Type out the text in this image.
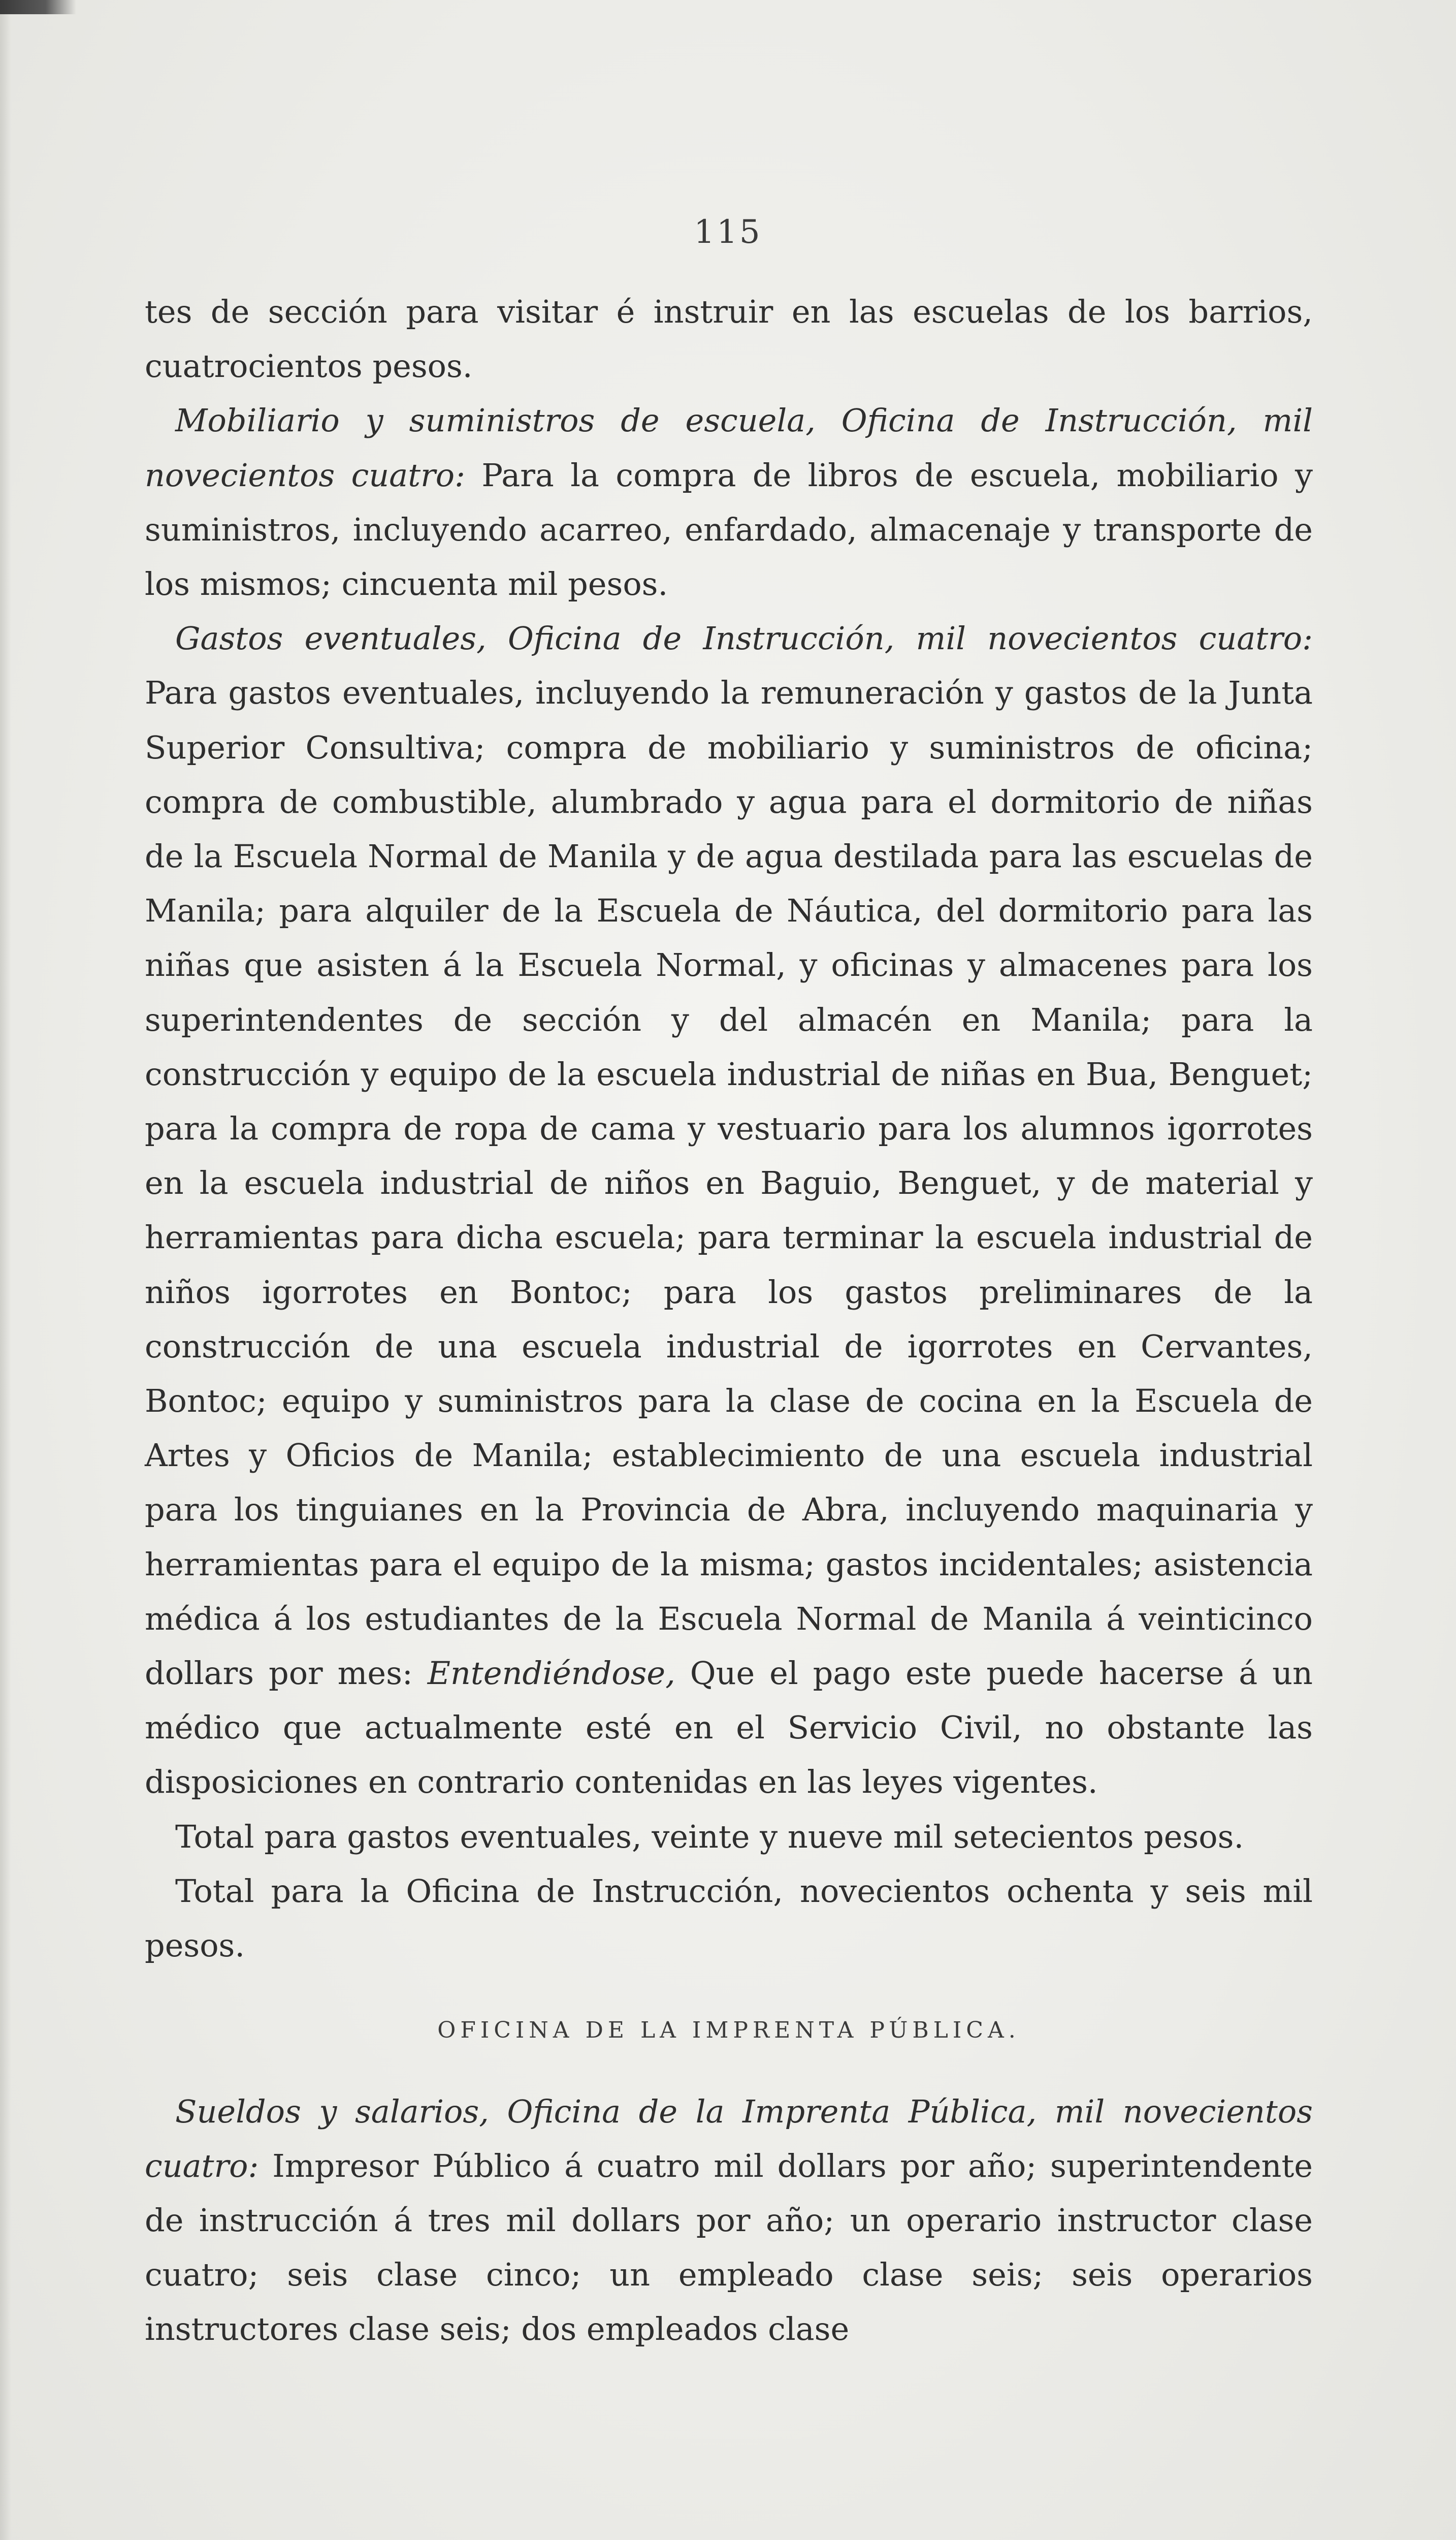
115

tes de sección para visitar é instruir en las escuelas de los barrios, cuatrocientos pesos.

Mobiliario y suministros de escuela, Oficina de Instrucción, mil novecientos cuatro: Para la compra de libros de escuela, mobiliario y suministros, incluyendo acarreo, enfardado, almacenaje y transporte de los mismos; cincuenta mil pesos.

Gastos eventuales, Oficina de Instrucción, mil novecientos cuatro: Para gastos eventuales, incluyendo la remuneración y gastos de la Junta Superior Consultiva; compra de mobiliario y suministros de oficina; compra de combustible, alumbrado y agua para el dormitorio de niñas de la Escuela Normal de Manila y de agua destilada para las escuelas de Manila; para alquiler de la Escuela de Náutica, del dormitorio para las niñas que asisten á la Escuela Normal, y oficinas y almacenes para los superintendentes de sección y del almacén en Manila; para la construcción y equipo de la escuela industrial de niñas en Bua, Benguet; para la compra de ropa de cama y vestuario para los alumnos igorrotes en la escuela industrial de niños en Baguio, Benguet, y de material y herramientas para dicha escuela; para terminar la escuela industrial de niños igorrotes en Bontoc; para los gastos preliminares de la construcción de una escuela industrial de igorrotes en Cervantes, Bontoc; equipo y suministros para la clase de cocina en la Escuela de Artes y Oficios de Manila; establecimiento de una escuela industrial para los tinguianes en la Provincia de Abra, incluyendo maquinaria y herramientas para el equipo de la misma; gastos incidentales; asistencia médica á los estudiantes de la Escuela Normal de Manila á veinticinco dollars por mes: Entendiéndose, Que el pago este puede hacerse á un médico que actualmente esté en el Servicio Civil, no obstante las disposiciones en contrario contenidas en las leyes vigentes.

Total para gastos eventuales, veinte y nueve mil setecientos pesos.

Total para la Oficina de Instrucción, novecientos ochenta y seis mil pesos.

OFICINA DE LA IMPRENTA PÚBLICA.

Sueldos y salarios, Oficina de la Imprenta Pública, mil novecientos cuatro: Impresor Público á cuatro mil dollars por año; superintendente de instrucción á tres mil dollars por año; un operario instructor clase cuatro; seis clase cinco; un empleado clase seis; seis operarios instructores clase seis; dos empleados clase
